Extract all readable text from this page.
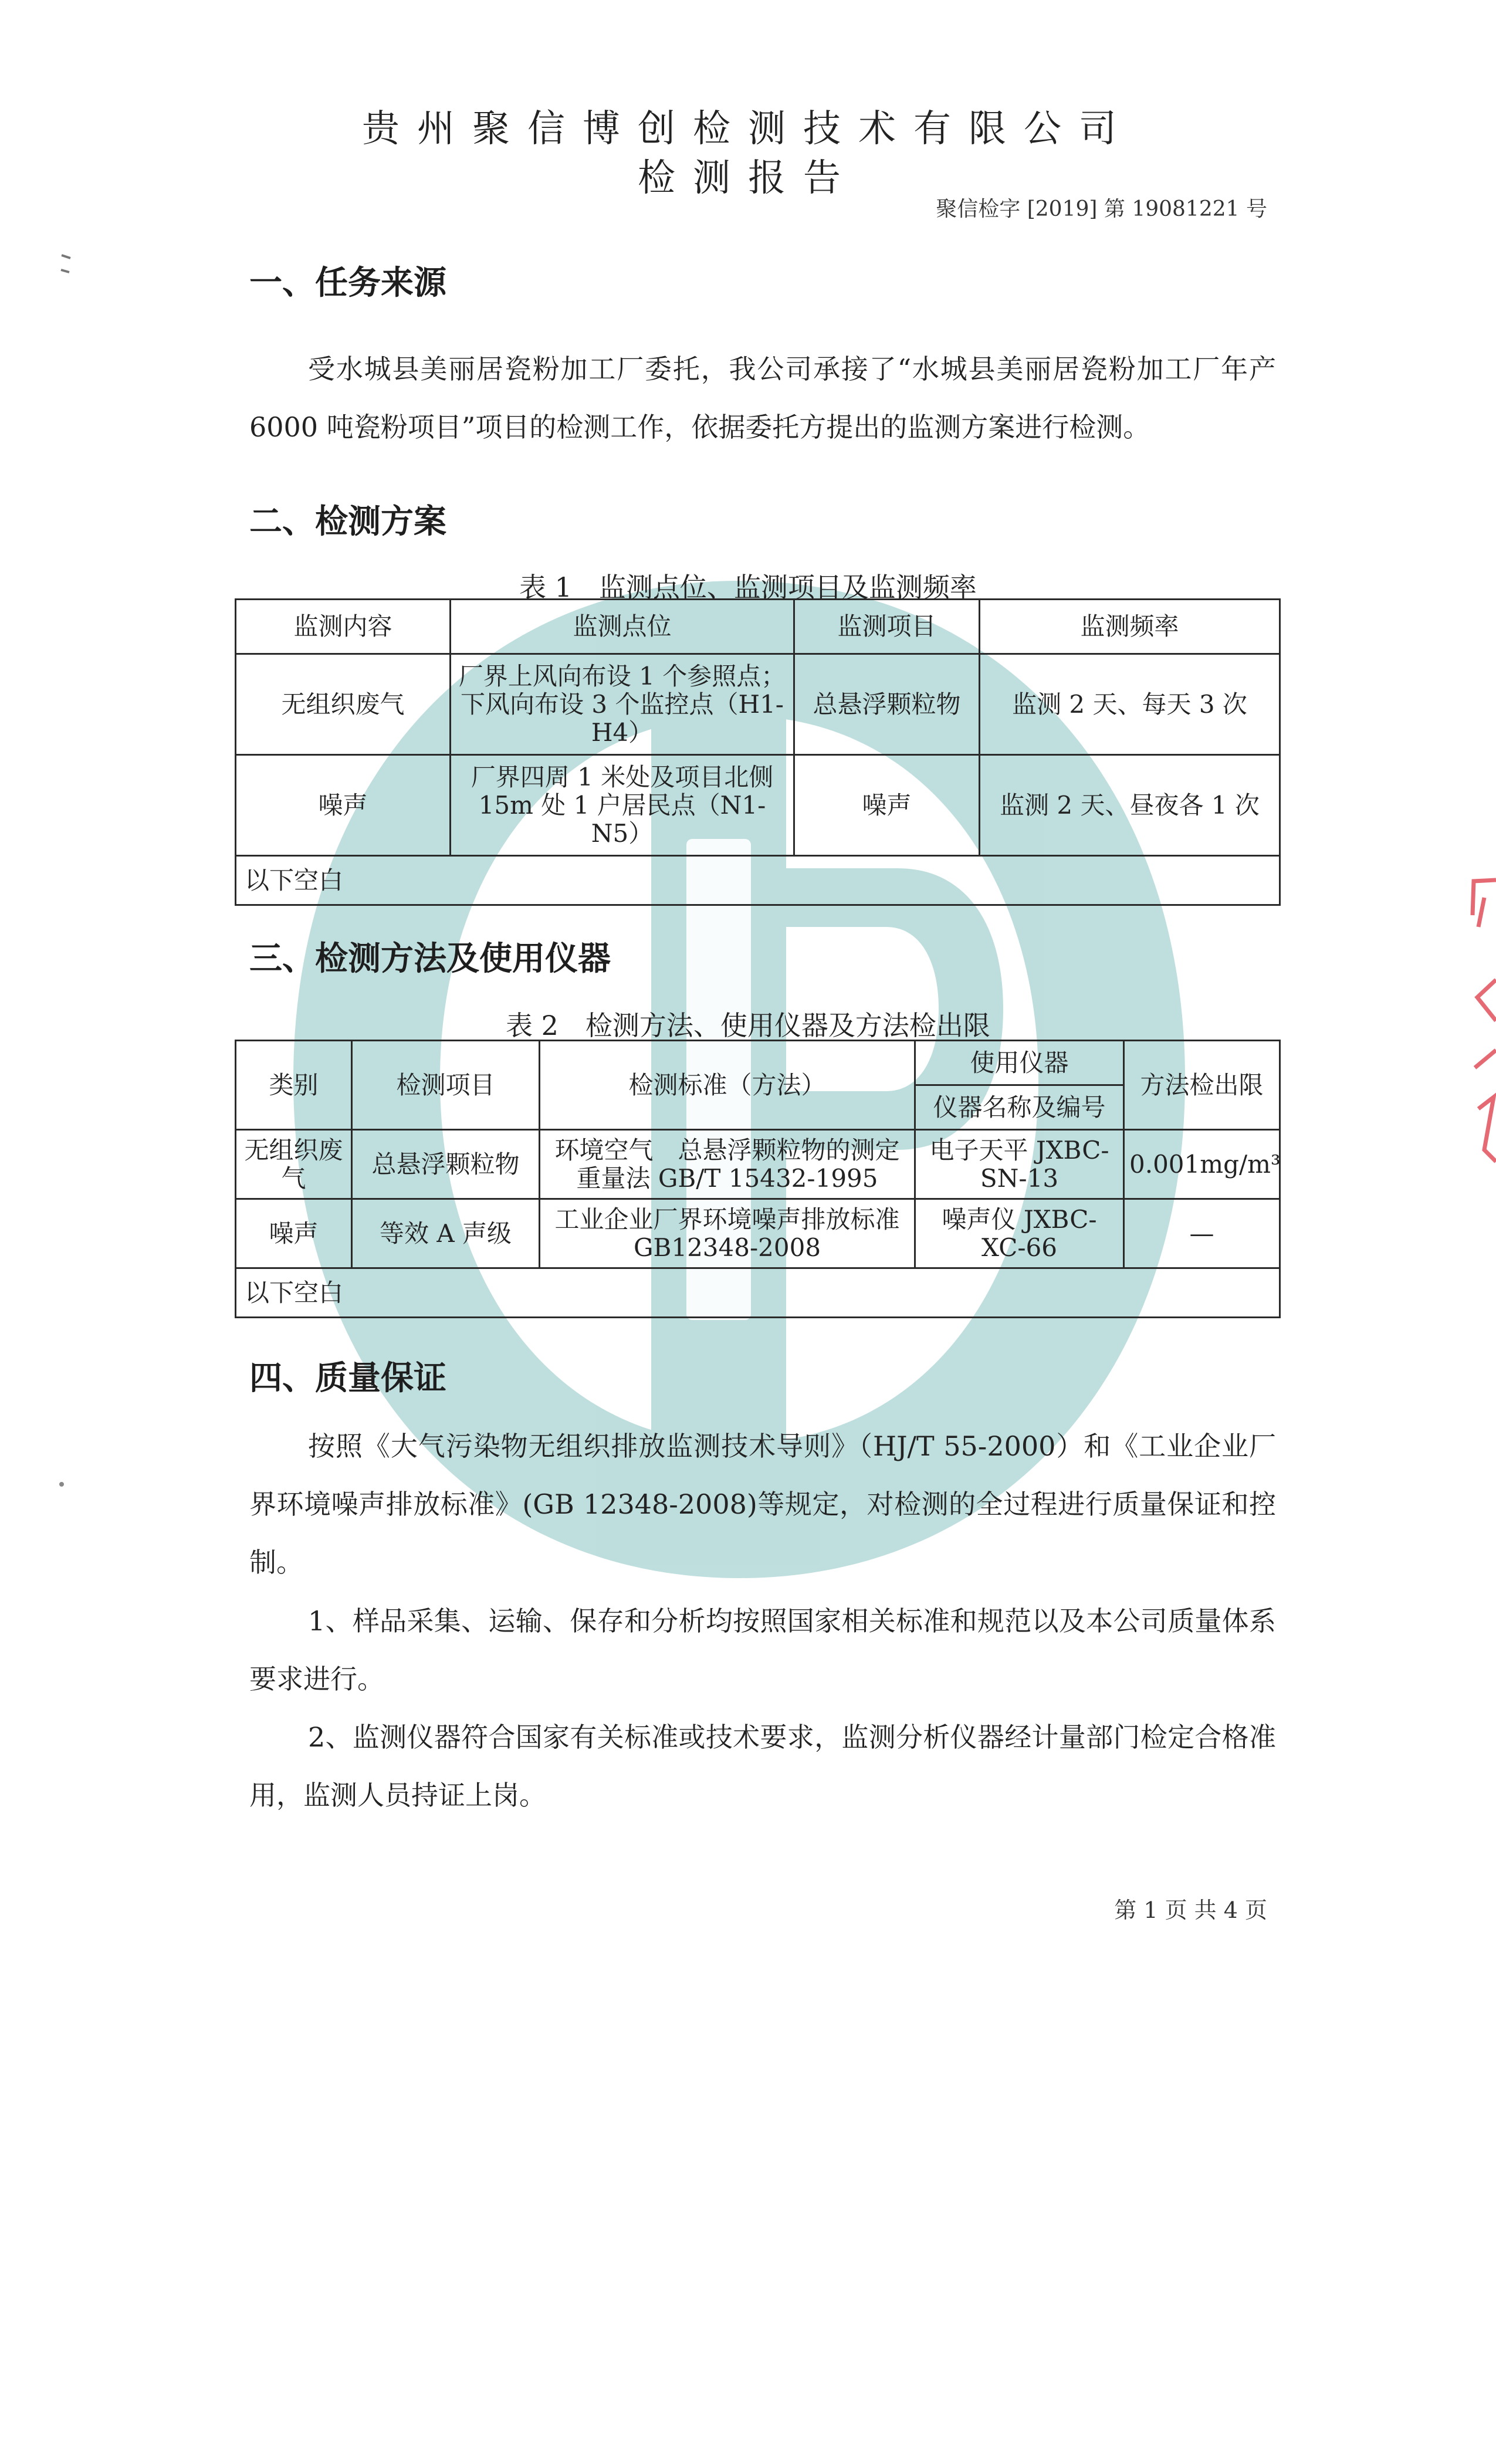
贵州聚信博创检测技术有限公司
检测报告
聚信检字 [2019] 第 19081221 号
一、任务来源
受水城县美丽居瓷粉加工厂委托，我公司承接了“水城县美丽居瓷粉加工厂年产 6000 吨瓷粉项目”项目的检测工作，依据委托方提出的监测方案进行检测。
二、检测方案
表 1　监测点位、监测项目及监测频率
监测内容	监测点位	监测项目	监测频率
无组织废气	厂界上风向布设 1 个参照点；下风向布设 3 个监控点（H1-H4）	总悬浮颗粒物	监测 2 天、每天 3 次
噪声	厂界四周 1 米处及项目北侧 15m 处 1 户居民点（N1-N5）	噪声	监测 2 天、昼夜各 1 次
以下空白			
三、检测方法及使用仪器
表 2　检测方法、使用仪器及方法检出限
类别	检测项目	检测标准（方法）	使用仪器	方法检出限
			仪器名称及编号	
无组织废气	总悬浮颗粒物	环境空气　总悬浮颗粒物的测定　重量法 GB/T 15432-1995	电子天平 JXBC-SN-13	0.001mg/m³
噪声	等效 A 声级	工业企业厂界环境噪声排放标准 GB12348-2008	噪声仪 JXBC-XC-66	—
以下空白				
四、质量保证
按照《大气污染物无组织排放监测技术导则》（HJ/T 55-2000）和《工业企业厂界环境噪声排放标准》(GB 12348-2008)等规定，对检测的全过程进行质量保证和控制。
1、样品采集、运输、保存和分析均按照国家相关标准和规范以及本公司质量体系要求进行。
2、监测仪器符合国家有关标准或技术要求，监测分析仪器经计量部门检定合格准用，监测人员持证上岗。
第 1 页 共 4 页
